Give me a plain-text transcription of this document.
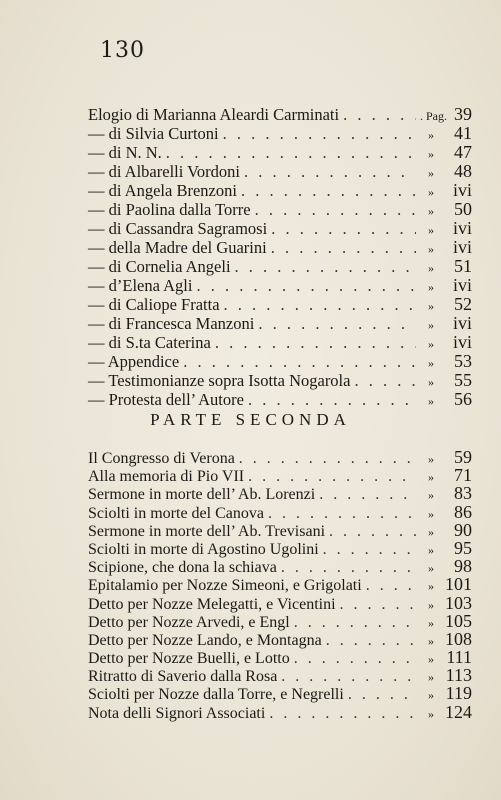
130
Elogio di Marianna Aleardi Carminati . . .	. Pag. 39
— di Silvia Curtoni . . .	»	41
— di N. N. . . .	»	47
— di Albarelli Vordoni . . .	»	48
— di Angela Brenzoni . . .	»	ivi
— di Paolina dalla Torre . . .	»	50
— di Cassandra Sagramosi . . .	»	ivi
— della Madre del Guarini . . .	»	ivi
— di Cornelia Angeli . . .	»	51
— d’Elena Agli . . .	»	ivi
— di Caliope Fratta . . .	»	52
— di Francesca Manzoni . . .	»	ivi
— di S.ta Caterina . . .	»	ivi
— Appendice . . .	»	53
— Testimonianze sopra Isotta Nogarola . . .	»	55
— Protesta dell’ Autore . . .	»	56
PARTE SECONDA
Il Congresso di Verona . . .	»	59
Alla memoria di Pio VII . . .	»	71
Sermone in morte dell’ Ab. Lorenzi . . .	»	83
Sciolti in morte del Canova . . .	»	86
Sermone in morte dell’ Ab. Trevisani . . .	»	90
Sciolti in morte di Agostino Ugolini . . .	»	95
Scipione, che dona la schiava . . .	»	98
Epitalamio per Nozze Simeoni, e Grigolati . . .	» 101
Detto per Nozze Melegatti, e Vicentini . . .	» 103
Detto per Nozze Arvedi, e Engl . . .	» 105
Detto per Nozze Lando, e Montagna . . .	» 108
Detto per Nozze Buelli, e Lotto . . .	» 111
Ritratto di Saverio dalla Rosa . . .	» 113
Sciolti per Nozze dalla Torre, e Negrelli . . .	» 119
Nota delli Signori Associati . . .	» 124
